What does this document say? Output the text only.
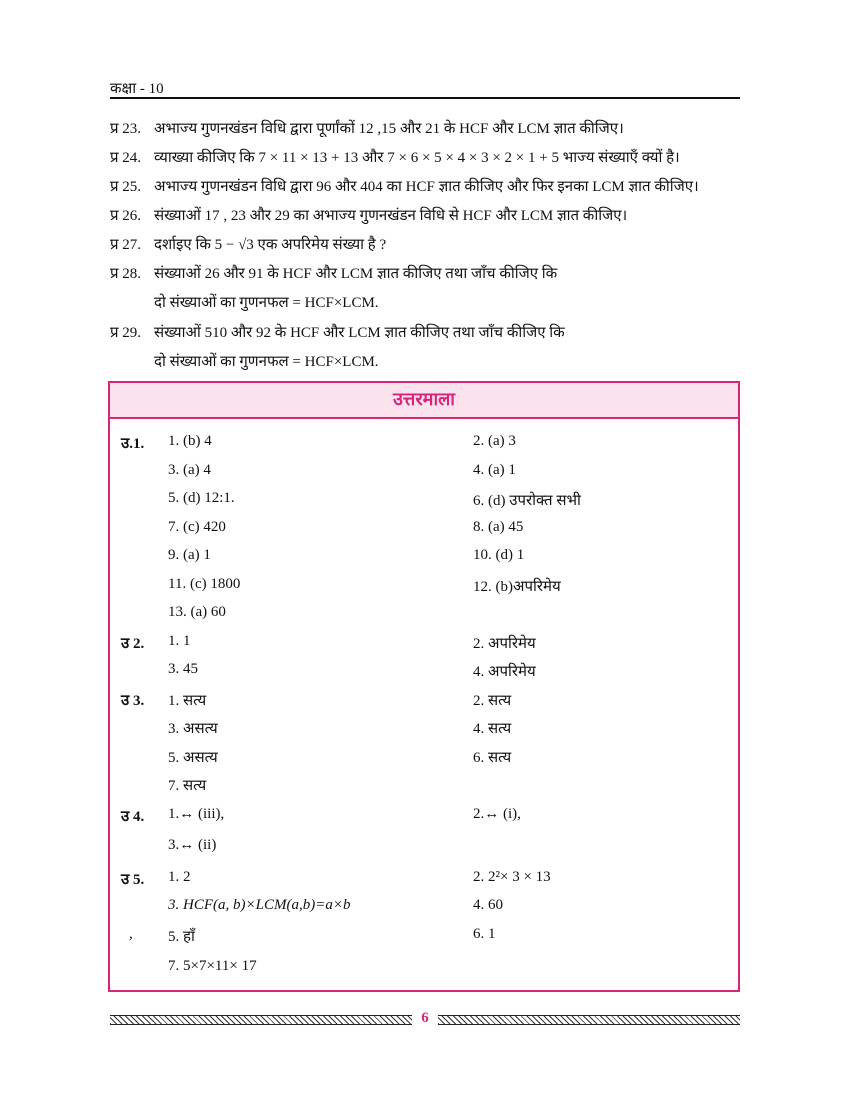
कक्षा - 10
प्र 23. अभाज्य गुणनखंडन विधि द्वारा पूर्णांकों 12 ,15 और 21 के HCF और LCM ज्ञात कीजिए।
प्र 24. व्याख्या कीजिए कि 7 × 11 × 13 + 13 और 7 × 6 × 5 × 4 × 3 × 2 × 1 + 5 भाज्य संख्याएँ क्यों है।
प्र 25. अभाज्य गुणनखंडन विधि द्वारा 96 और 404 का HCF ज्ञात कीजिए और फिर इनका LCM ज्ञात कीजिए।
प्र 26. संख्याओं 17 , 23 और 29 का अभाज्य गुणनखंडन विधि से HCF और LCM ज्ञात कीजिए।
प्र 27. दर्शाइए कि 5 − √3 एक अपरिमेय संख्या है ?
प्र 28. संख्याओं 26 और 91 के HCF और LCM ज्ञात कीजिए तथा जाँच कीजिए कि
दो संख्याओं का गुणनफल = HCF×LCM.
प्र 29. संख्याओं 510 और 92 के HCF और LCM ज्ञात कीजिए तथा जाँच कीजिए कि
दो संख्याओं का गुणनफल = HCF×LCM.
उत्तरमाला
उ.1. 1. (b) 4	2. (a) 3
3. (a) 4	4. (a) 1
5. (d) 12:1.	6. (d) उपरोक्त सभी
7. (c) 420	8. (a) 45
9. (a) 1	10. (d) 1
11. (c) 1800	12. (b)अपरिमेय
13. (a) 60
उ 2. 1. 1	2. अपरिमेय
3. 45	4. अपरिमेय
उ 3. 1. सत्य	2. सत्य
3. असत्य	4. सत्य
5. असत्य	6. सत्य
7. सत्य
उ 4. 1.↔ (iii),	2.↔ (i),
3.↔ (ii)
उ 5. 1. 2	2. 2²× 3 × 13
3. HCF(a, b)×LCM(a,b)=a×b	4. 60
, 5. हाँ	6. 1
7. 5×7×11× 17
6
